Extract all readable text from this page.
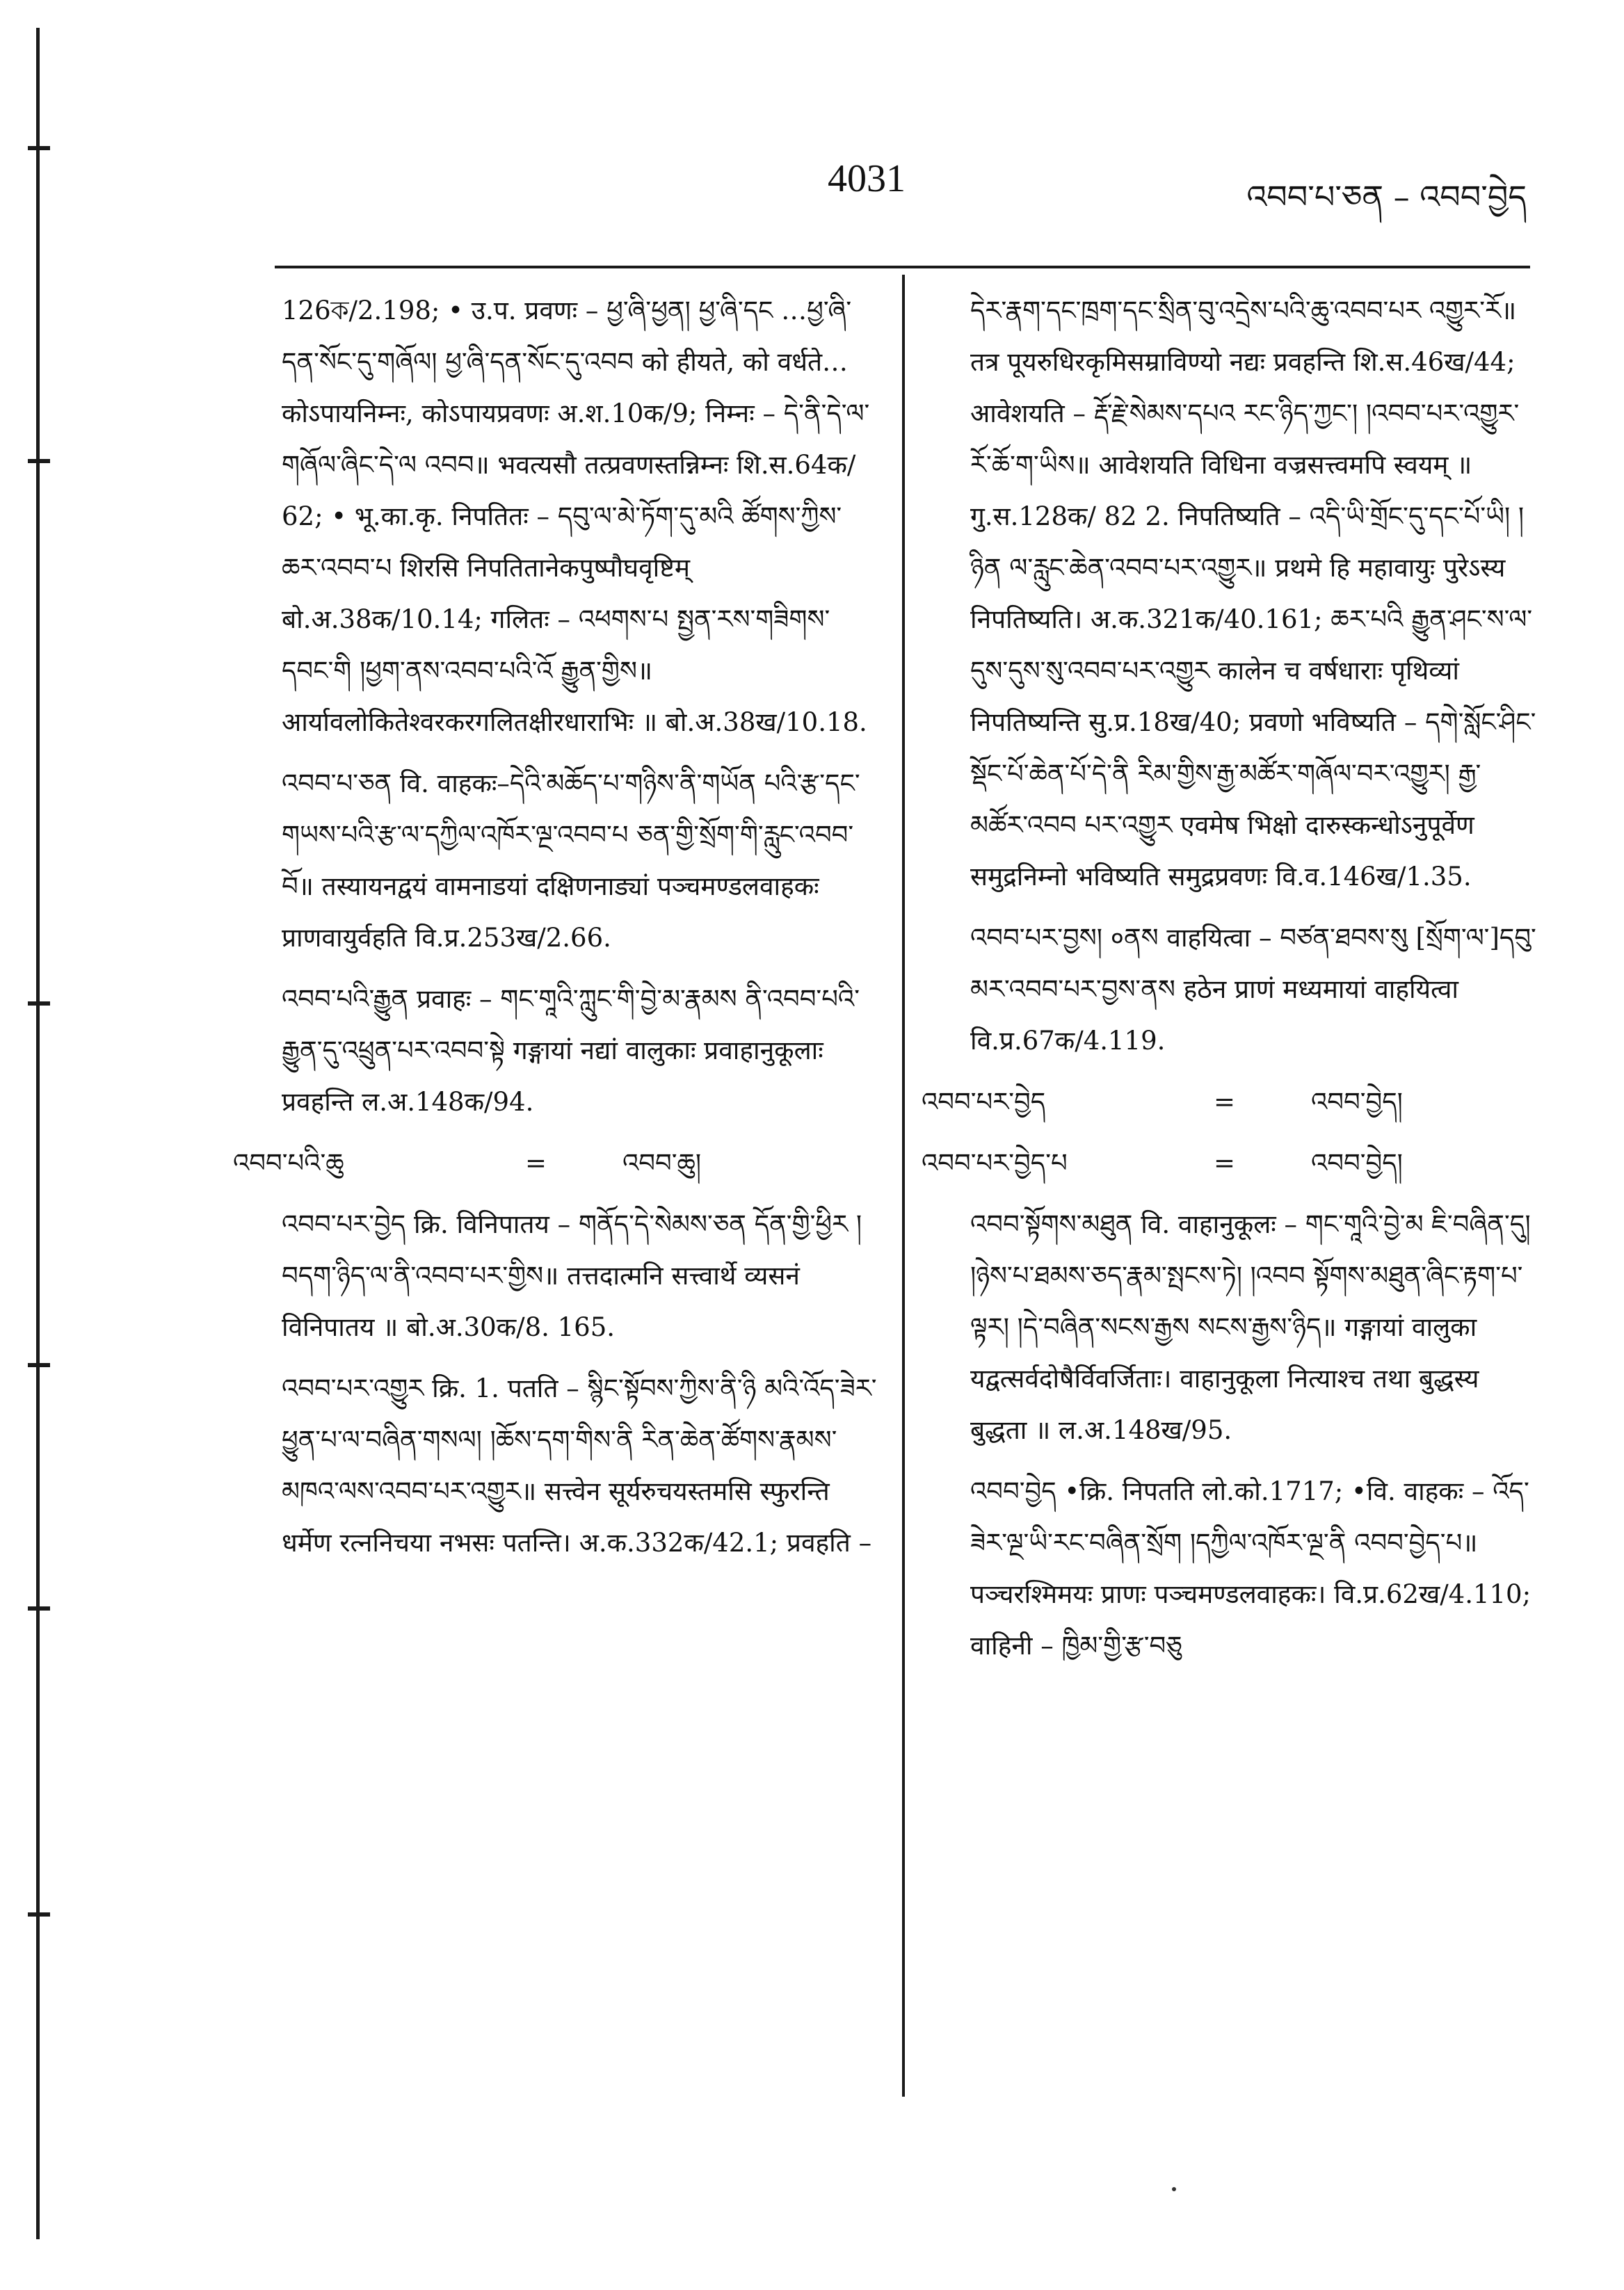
4031	འབབ་པ་ཅན – འབབ་བྱེད

126ক/2.198; • उ.प. प्रवणः – ཕྱ་ཞི་ཕྱན། ཕྱ་ཞི་དང …ཕྱ་ཞི་དན་སོང་དུ་གཞོལ། ཕྱ་ཞི་དན་སོང་དུ་འབབ को हीयते, को वर्धते…कोऽपायनिम्नः, कोऽपायप्रवणः अ.श.10क/9; निम्नः – དེ་ནི་དེ་ལ་གཞོལ་ཞིང་དེ་ལ འབབ॥ भवत्यसौ तत्प्रवणस्तन्निम्नः शि.स.64क/ 62; • भू.का.कृ. निपतितः – དབུ་ལ་མེ་ཏོག་དུ་མའི ཚོགས་ཀྱིས་ཆར་འབབ་པ शिरसि निपतितानेकपुष्पौघवृष्टिम् बो.अ.38क/10.14; गलितः – འཕགས་པ སྤྱན་རས་གཟིགས་དབང་གི །ཕྱག་ནས་འབབ་པའི་འོ རྒྱུན་གྱིས॥ आर्यावलोकितेश्वरकरगलितक्षीरधाराभिः ॥ बो.अ.38ख/10.18.

འབབ་པ་ཅན वि. वाहकः–དེའི་མཆོད་པ་གཉིས་ནི་གཡོན པའི་རྩ་དང་གཡས་པའི་རྩ་ལ་དཀྱིལ་འཁོར་ལྔ་འབབ་པ ཅན་གྱི་སྲོག་གི་རླུང་འབབ་བོ॥ तस्यायनद्वयं वामनाडयां दक्षिणनाड्यां पञ्चमण्डलवाहकः प्राणवायुर्वहति वि.प्र.253ख/2.66.

འབབ་པའི་རྒྱུན प्रवाहः – གང་གཱའི་ཀླུང་གི་བྱེ་མ་རྣམས ནི་འབབ་པའི་རྒྱུན་དུ་འཕྲུན་པར་འབབ་སྟེ गङ्गायां नद्यां वालुकाः प्रवाहानुकूलाः प्रवहन्ति ल.अ.148क/94.

འབབ་པའི་ཆུ	=	འབབ་ཆུ།

འབབ་པར་བྱེད क्रि. विनिपातय – གནོད་དེ་སེམས་ཅན དོན་གྱི་ཕྱིར །བདག་ཉིད་ལ་ནི་འབབ་པར་གྱིས॥ तत्तदात्मनि सत्त्वार्थे व्यसनं विनिपातय ॥ बो.अ.30क/8. 165.

འབབ་པར་འགྱུར क्रि. 1. पतति – སྙིང་སྟོབས་ཀྱིས་ནི་ཉི མའི་འོད་ཟེར་ཕྱུན་པ་ལ་བཞིན་གསལ། །ཆོས་དག་གིས་ནི རིན་ཆེན་ཚོགས་རྣམས་མཁའ་ལས་འབབ་པར་འགྱུར॥ सत्त्वेन सूर्यरुचयस्तमसि स्फुरन्ति धर्मेण रत्ननिचया नभसः पतन्ति। अ.क.332क/42.1; प्रवहति –

དེར་རྣག་དང་ཁྲག་དང་སྲིན་བུ་འདྲེས་པའི་ཆུ་འབབ་པར འགྱུར་རོ॥ तत्र पूयरुधिरकृमिसम्राविण्यो नद्यः प्रवहन्ति शि.स.46ख/44; आवेशयति – རྡོ་རྗེ་སེམས་དཔའ རང་ཉིད་ཀྱང་། །འབབ་པར་འགྱུར་རོ་ཆོ་ག་ཡིས॥ आवेशयति विधिना वज्रसत्त्वमपि स्वयम् ॥ गु.स.128क/ 82 2. निपतिष्यति – འདི་ཡི་གྲོང་དུ་དང་པོ་ཡི། །ཉིན ལ་རླུང་ཆེན་འབབ་པར་འགྱུར॥ प्रथमे हि महावायुः पुरेऽस्य निपतिष्यति। अ.क.321क/40.161; ཆར་པའི རྒྱུན་ཤང་ས་ལ་དུས་དུས་སུ་འབབ་པར་འགྱུར कालेन च वर्षधाराः पृथिव्यां निपतिष्यन्ति सु.प्र.18ख/40; प्रवणो भविष्यति – དགེ་སློང་ཤིང་སྡོང་པོ་ཆེན་པོ་དེ་ནི རིམ་གྱིས་རྒྱ་མཚོར་གཞོལ་བར་འགྱུར། རྒྱ་མཚོར་འབབ པར་འགྱུར एवमेष भिक्षो दारुस्कन्धोऽनुपूर्वेण समुद्रनिम्नो भविष्यति समुद्रप्रवणः वि.व.146ख/1.35.

འབབ་པར་བྱས། ०ནས वाहयित्वा – བཙན་ཐབས་སུ [སྲོག་ལ་]དབུ་མར་འབབ་པར་བྱས་ནས हठेन प्राणं मध्यमायां वाहयित्वा वि.प्र.67क/4.119.

འབབ་པར་བྱེད	=	འབབ་བྱེད།
འབབ་པར་བྱེད་པ	=	འབབ་བྱེད།

འབབ་སྟོགས་མཐུན वि. वाहानुकूलः – གང་གཱའི་བྱེ་མ ཇི་བཞིན་དུ། །ཉེས་པ་ཐམས་ཅད་རྣམ་སྤངས་ཏེ། །འབབ སྟོགས་མཐུན་ཞིང་རྟག་པ་ལྟར། །དེ་བཞིན་སངས་རྒྱས སངས་རྒྱས་ཉིད॥ गङ्गायां वालुका यद्वत्सर्वदोषैर्विवर्जिताः। वाहानुकूला नित्याश्च तथा बुद्धस्य बुद्धता ॥ ल.अ.148ख/95.

འབབ་བྱེད •क्रि. निपतति लो.को.1717; •वि. वाहकः – འོད་ཟེར་ལྔ་ཡི་རང་བཞིན་སྲོག །དཀྱིལ་འཁོར་ལྔ་ནི འབབ་བྱེད་པ॥ पञ्चरश्मिमयः प्राणः पञ्चमण्डलवाहकः। वि.प्र.62ख/4.110; वाहिनी – ཁྱིམ་གྱི་རྩ་བཅུ
